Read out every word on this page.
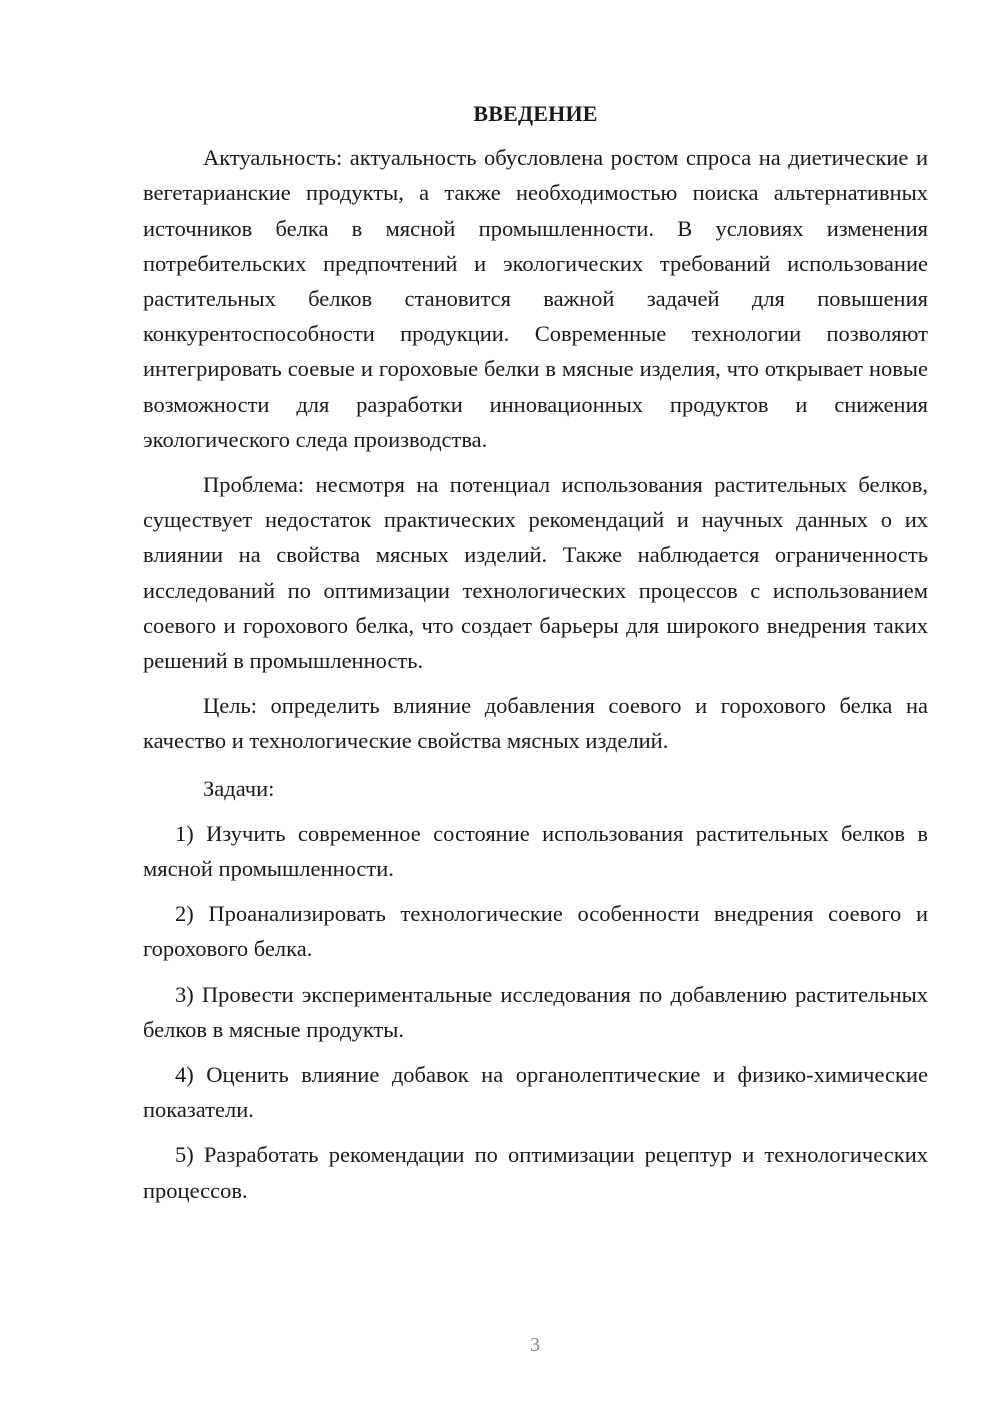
ВВЕДЕНИЕ

Актуальность: актуальность обусловлена ростом спроса на диетические и вегетарианские продукты, а также необходимостью поиска альтернативных источников белка в мясной промышленности. В условиях изменения потребительских предпочтений и экологических требований использование растительных белков становится важной задачей для повышения конкурентоспособности продукции. Современные технологии позволяют интегрировать соевые и гороховые белки в мясные изделия, что открывает новые возможности для разработки инновационных продуктов и снижения экологического следа производства.

Проблема: несмотря на потенциал использования растительных белков, существует недостаток практических рекомендаций и научных данных о их влиянии на свойства мясных изделий. Также наблюдается ограниченность исследований по оптимизации технологических процессов с использованием соевого и горохового белка, что создает барьеры для широкого внедрения таких решений в промышленность.

Цель: определить влияние добавления соевого и горохового белка на качество и технологические свойства мясных изделий.

Задачи:

1) Изучить современное состояние использования растительных белков в мясной промышленности.

2) Проанализировать технологические особенности внедрения соевого и горохового белка.

3) Провести экспериментальные исследования по добавлению растительных белков в мясные продукты.

4) Оценить влияние добавок на органолептические и физико-химические показатели.

5) Разработать рекомендации по оптимизации рецептур и технологических процессов.

3
